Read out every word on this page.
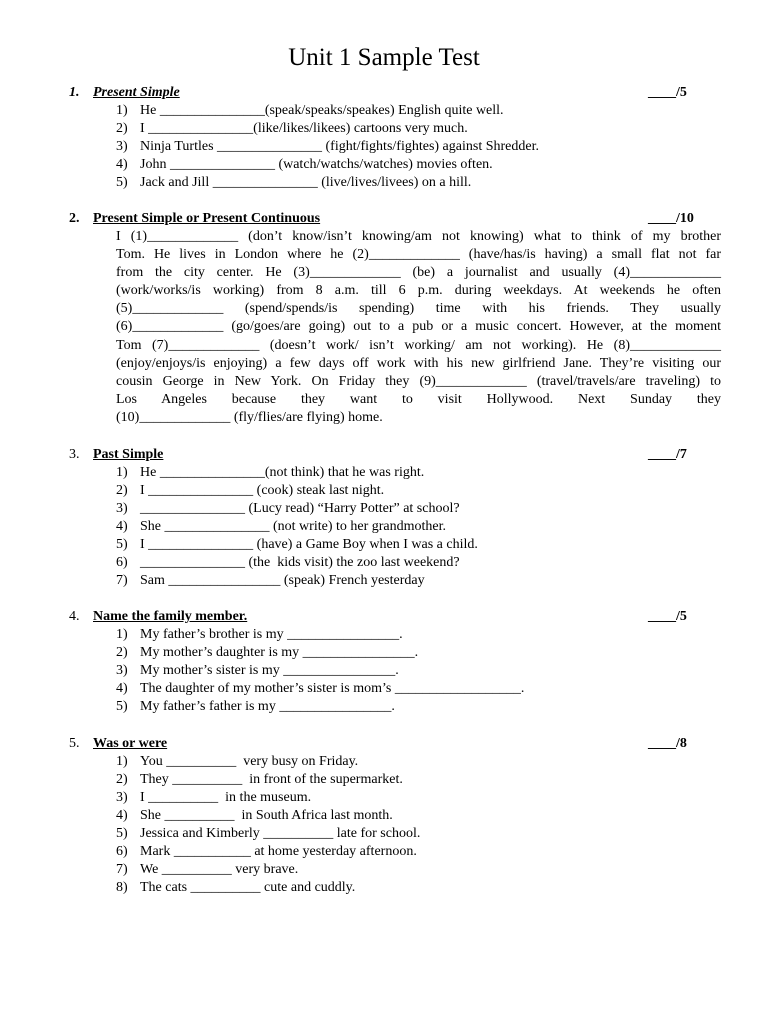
Unit 1 Sample Test
1. Present Simple	____/5
1) He _______________(speak/speaks/speakes) English quite well.
2) I _______________(like/likes/likees) cartoons very much.
3) Ninja Turtles _______________ (fight/fights/fightes) against Shredder.
4) John _______________ (watch/watchs/watches) movies often.
5) Jack and Jill _______________ (live/lives/livees) on a hill.
2. Present Simple or Present Continuous	____/10
I (1)_____________ (don’t know/isn’t knowing/am not knowing) what to think of my brother
Tom. He lives in London where he (2)_____________ (have/has/is having) a small flat not far
from the city center. He (3)_____________ (be) a journalist and usually (4)_____________
(work/works/is working) from 8 a.m. till 6 p.m. during weekdays. At weekends he often
(5)_____________ (spend/spends/is spending) time with his friends. They usually
(6)_____________ (go/goes/are going) out to a pub or a music concert. However, at the moment
Tom (7)_____________ (doesn’t work/ isn’t working/ am not working). He (8)_____________
(enjoy/enjoys/is enjoying) a few days off work with his new girlfriend Jane. They’re visiting our
cousin George in New York. On Friday they (9)_____________ (travel/travels/are traveling) to
Los Angeles because they want to visit Hollywood. Next Sunday they
(10)_____________ (fly/flies/are flying) home.
3. Past Simple	____/7
1) He _______________(not think) that he was right.
2) I _______________ (cook) steak last night.
3) _______________ (Lucy read) “Harry Potter” at school?
4) She _______________ (not write) to her grandmother.
5) I _______________ (have) a Game Boy when I was a child.
6) _______________ (the  kids visit) the zoo last weekend?
7) Sam ________________ (speak) French yesterday
4. Name the family member.	____/5
1) My father’s brother is my ________________.
2) My mother’s daughter is my ________________.
3) My mother’s sister is my ________________.
4) The daughter of my mother’s sister is mom’s __________________.
5) My father’s father is my ________________.
5. Was or were	____/8
1) You __________  very busy on Friday.
2) They __________  in front of the supermarket.
3) I __________  in the museum.
4) She __________  in South Africa last month.
5) Jessica and Kimberly __________ late for school.
6) Mark ___________ at home yesterday afternoon.
7) We __________ very brave.
8) The cats __________ cute and cuddly.
